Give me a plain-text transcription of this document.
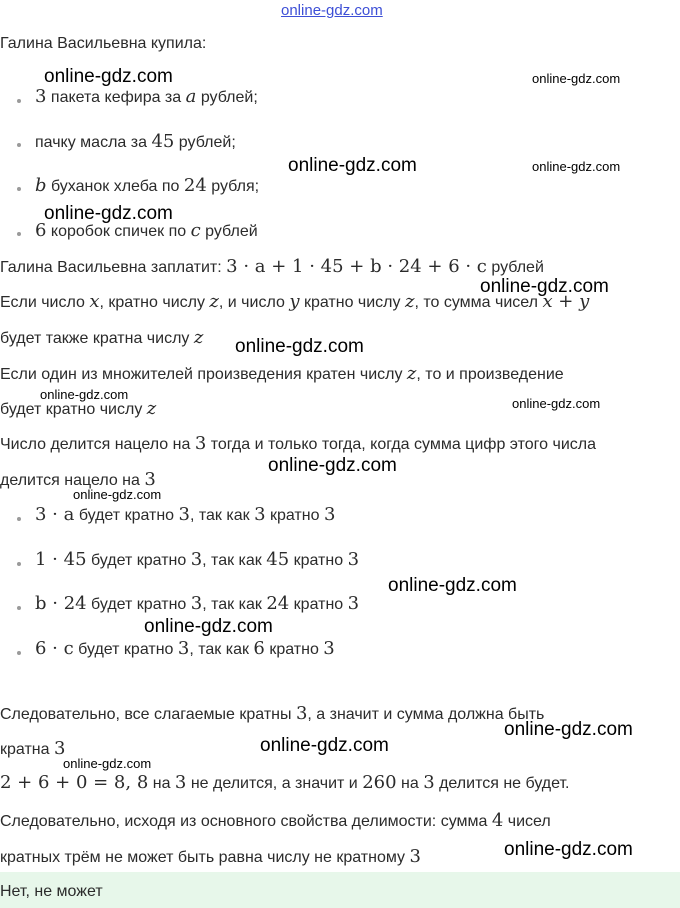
online-gdz.com
Галина Васильевна купила:
3 пакета кефира за a рублей;
пачку масла за 45 рублей;
b буханок хлеба по 24 рубля;
6 коробок спичек по c рублей
Галина Васильевна заплатит: 3 · a + 1 · 45 + b · 24 + 6 · c рублей
Если число x, кратно числу z, и число y кратно числу z, то сумма чисел x + y
будет также кратна числу z
Если один из множителей произведения кратен числу z, то и произведение
будет кратно числу z
Число делится нацело на 3 тогда и только тогда, когда сумма цифр этого числа
делится нацело на 3
3 · a будет кратно 3, так как 3 кратно 3
1 · 45 будет кратно 3, так как 45 кратно 3
b · 24 будет кратно 3, так как 24 кратно 3
6 · c будет кратно 3, так как 6 кратно 3
Следовательно, все слагаемые кратны 3, а значит и сумма должна быть
кратна 3
2 + 6 + 0 = 8, 8 на 3 не делится, а значит и 260 на 3 делится не будет.
Следовательно, исходя из основного свойства делимости: сумма 4 чисел
кратных трём не может быть равна числу не кратному 3
Нет, не может
online-gdz.com	online-gdz.com
online-gdz.com	online-gdz.com
online-gdz.com
online-gdz.com
online-gdz.com
online-gdz.com
online-gdz.com
online-gdz.com
online-gdz.com
online-gdz.com
online-gdz.com
online-gdz.com
online-gdz.com
online-gdz.com
online-gdz.com
